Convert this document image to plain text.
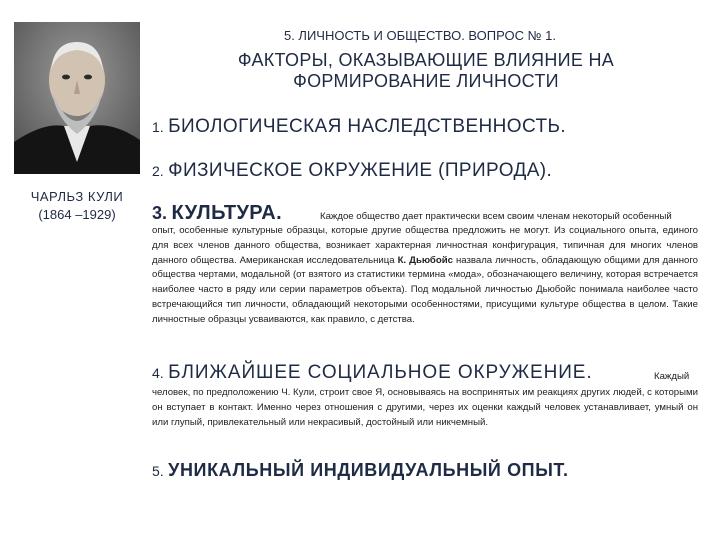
ЧАРЛЬЗ КУЛИ
(1864 –1929)
5. ЛИЧНОСТЬ И ОБЩЕСТВО. ВОПРОС № 1.
ФАКТОРЫ, ОКАЗЫВАЮЩИЕ ВЛИЯНИЕ НА
ФОРМИРОВАНИЕ ЛИЧНОСТИ
1. БИОЛОГИЧЕСКАЯ НАСЛЕДСТВЕННОСТЬ.
2. ФИЗИЧЕСКОЕ ОКРУЖЕНИЕ (ПРИРОДА).
3. КУЛЬТУРА.	Каждое общество дает практически всем своим членам некоторый особенный
опыт, особенные культурные образцы, которые другие общества предложить не могут. Из социального опыта, единого для всех членов данного общества, возникает характерная личностная конфигурация, типичная для многих членов данного общества. Американская исследовательница К. Дьюбойс назвала личность, обладающую общими для данного общества чертами, модальной (от взятого из статистики термина «мода», обозначающего величину, которая встречается наиболее часто в ряду или серии параметров объекта). Под модальной личностью Дьюбойс понимала наиболее часто встречающийся тип личности, обладающий некоторыми особенностями, присущими культуре общества в целом. Такие личностные образцы усваиваются, как правило, с детства.
4. БЛИЖАЙШЕЕ СОЦИАЛЬНОЕ ОКРУЖЕНИЕ.	Каждый
человек, по предположению Ч. Кули, строит свое Я, основываясь на воспринятых им реакциях других людей, с которыми он вступает в контакт. Именно через отношения с другими, через их оценки каждый человек устанавливает, умный он или глупый, привлекательный или некрасивый, достойный или никчемный.
5. УНИКАЛЬНЫЙ ИНДИВИДУАЛЬНЫЙ ОПЫТ.
